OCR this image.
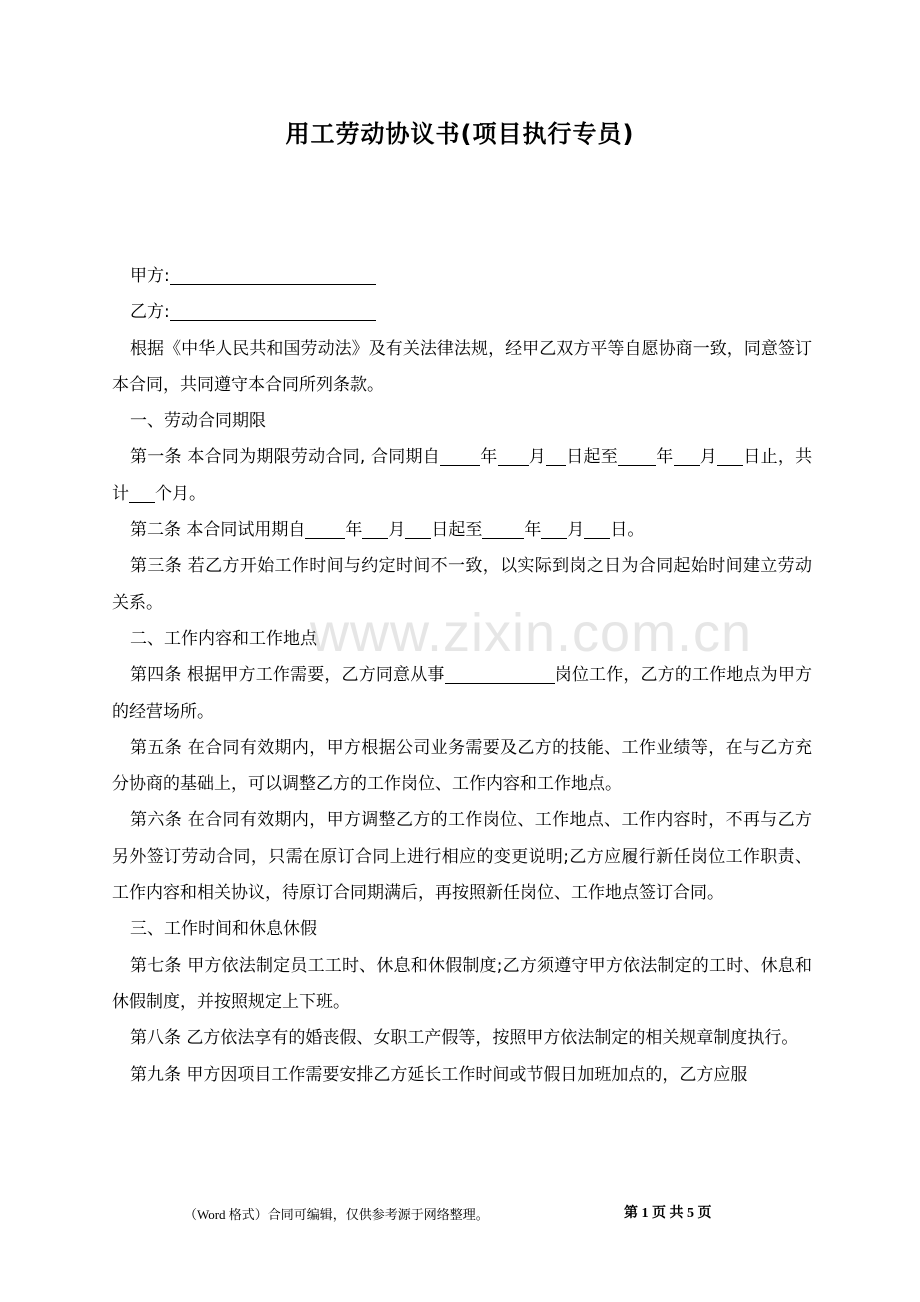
用工劳动协议书(项目执行专员)
www.zixin.com.cn

甲方:

乙方:

根据《中华人民共和国劳动法》及有关法律法规，经甲乙双方平等自愿协商一致，同意签订本合同，共同遵守本合同所列条款。

一、劳动合同期限

第一条 本合同为期限劳动合同, 合同期自 年 月 日起至 年 月 日止，共计 个月。

第二条 本合同试用期自 年 月 日起至 年 月 日。

第三条 若乙方开始工作时间与约定时间不一致，以实际到岗之日为合同起始时间建立劳动关系。

二、工作内容和工作地点

第四条 根据甲方工作需要，乙方同意从事	岗位工作，乙方的工作地点为甲方的经营场所。

第五条 在合同有效期内，甲方根据公司业务需要及乙方的技能、工作业绩等，在与乙方充分协商的基础上，可以调整乙方的工作岗位、工作内容和工作地点。

第六条 在合同有效期内，甲方调整乙方的工作岗位、工作地点、工作内容时，不再与乙方另外签订劳动合同，只需在原订合同上进行相应的变更说明;乙方应履行新任岗位工作职责、工作内容和相关协议，待原订合同期满后，再按照新任岗位、工作地点签订合同。

三、工作时间和休息休假

第七条 甲方依法制定员工工时、休息和休假制度;乙方须遵守甲方依法制定的工时、休息和休假制度，并按照规定上下班。

第八条 乙方依法享有的婚丧假、女职工产假等，按照甲方依法制定的相关规章制度执行。

第九条 甲方因项目工作需要安排乙方延长工作时间或节假日加班加点的，乙方应服

（Word 格式）合同可编辑，仅供参考源于网络整理。	第 1 页 共 5 页
